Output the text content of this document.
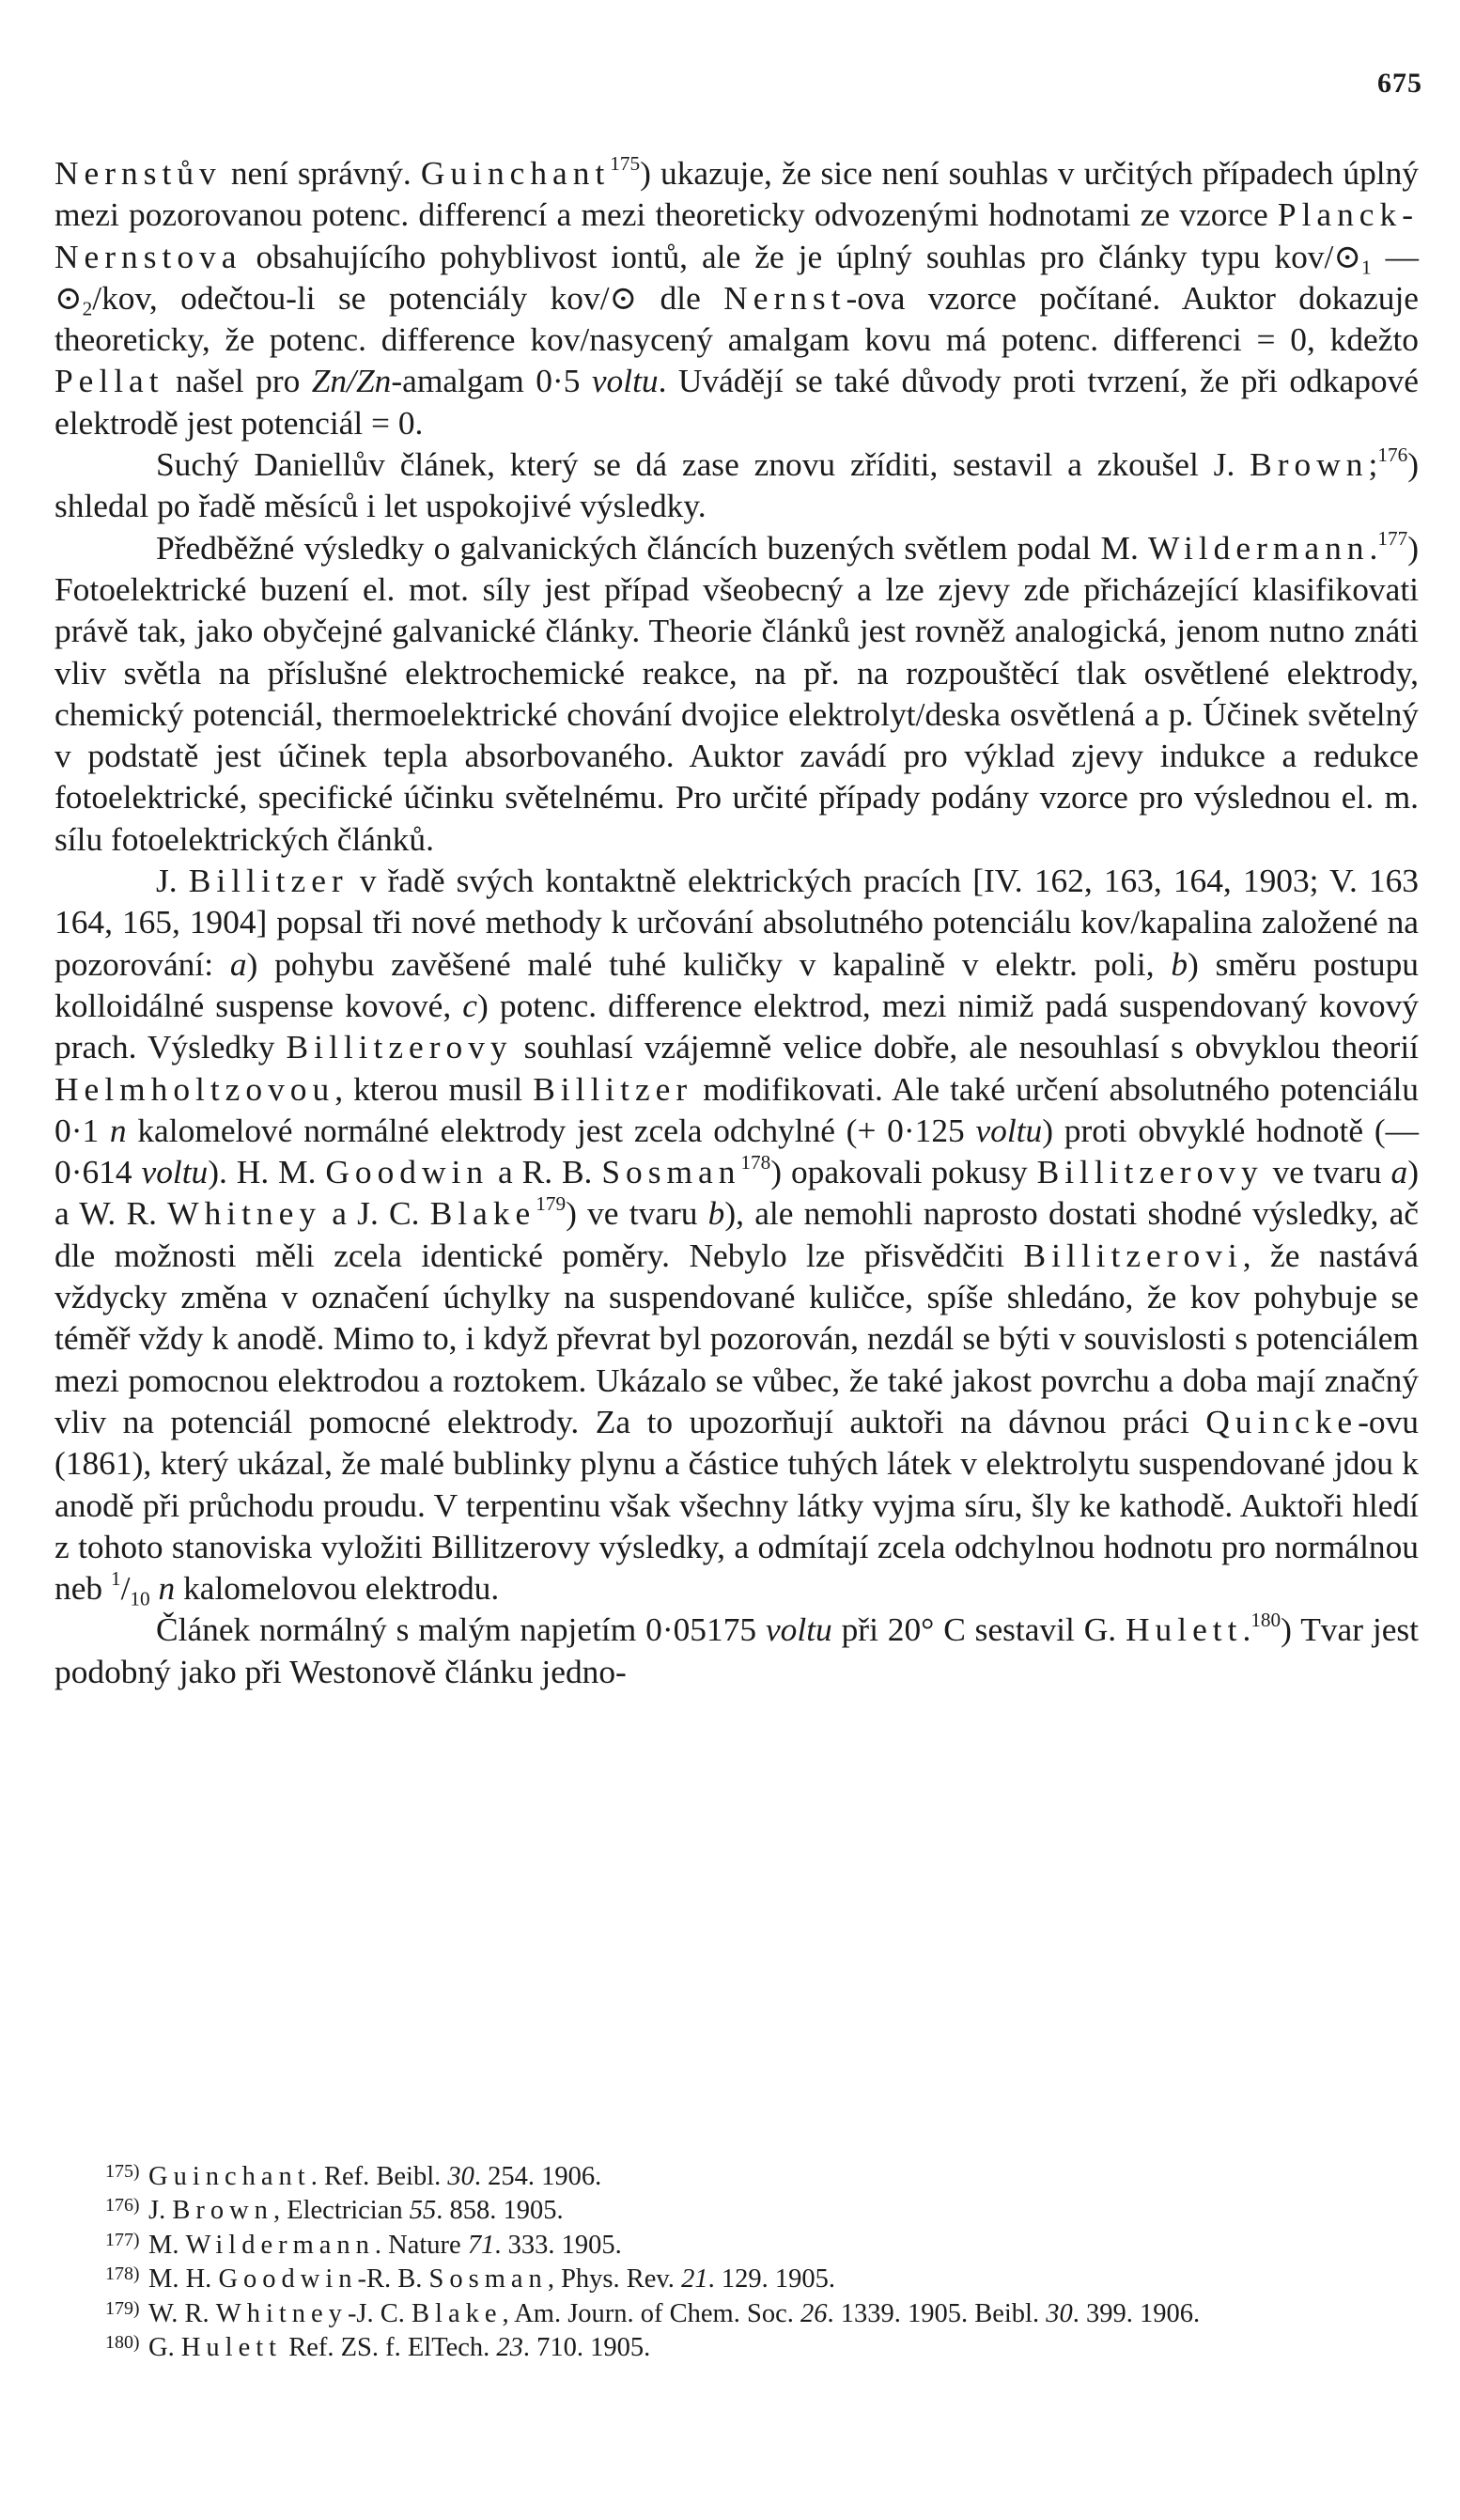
675

Nernstův není správný. Guinchant$^{175}$) ukazuje, že sice není souhlas v určitých případech úplný mezi pozorovanou potenc. differencí a mezi theoreticky odvozenými hodnotami ze vzorce Planck-Nernstova obsahujícího pohyblivost iontů, ale že je úplný souhlas pro články typu kov/$⊙_1$ — $⊙_2$/kov, odečtou-li se potenciály kov/⊙ dle Nernst-ova vzorce počítané. Auktor dokazuje theoreticky, že potenc. difference kov/nasycený amalgam kovu má potenc. differenci = 0, kdežto Pellat našel pro Zn/Zn-amalgam 0·5 voltu. Uvádějí se také důvody proti tvrzení, že při odkapové elektrodě jest potenciál = 0.

Suchý Daniellův článek, který se dá zase znovu zříditi, sestavil a zkoušel J. Brown;$^{176}$) shledal po řadě měsíců i let uspokojivé výsledky.

Předběžné výsledky o galvanických článcích buzených světlem podal M. Wildermann.$^{177}$) Fotoelektrické buzení el. mot. síly jest případ všeobecný a lze zjevy zde přicházející klasifikovati právě tak, jako obyčejné galvanické články. Theorie článků jest rovněž analogická, jenom nutno znáti vliv světla na příslušné elektrochemické reakce, na př. na rozpouštěcí tlak osvětlené elektrody, chemický potenciál, thermoelektrické chování dvojice elektrolyt/deska osvětlená a p. Účinek světelný v podstatě jest účinek tepla absorbovaného. Auktor zavádí pro výklad zjevy indukce a redukce fotoelektrické, specifické účinku světelnému. Pro určité případy podány vzorce pro výslednou el. m. sílu fotoelektrických článků.

J. Billitzer v řadě svých kontaktně elektrických pracích [IV. 162, 163, 164, 1903; V. 163 164, 165, 1904] popsal tři nové methody k určování absolutného potenciálu kov/kapalina založené na pozorování: a) pohybu zavěšené malé tuhé kuličky v kapalině v elektr. poli, b) směru postupu kolloidálné suspense kovové, c) potenc. difference elektrod, mezi nimiž padá suspendovaný kovový prach. Výsledky Billitzerovy souhlasí vzájemně velice dobře, ale nesouhlasí s obvyklou theorií Helmholtzovou, kterou musil Billitzer modifikovati. Ale také určení absolutného potenciálu 0·1 n kalomelové normálné elektrody jest zcela odchylné (+ 0·125 voltu) proti obvyklé hodnotě (— 0·614 voltu). H. M. Goodwin a R. B. Sosman$^{178}$) opakovali pokusy Billitzerovy ve tvaru a) a W. R. Whitney a J. C. Blake$^{179}$) ve tvaru b), ale nemohli naprosto dostati shodné výsledky, ač dle možnosti měli zcela identické poměry. Nebylo lze přisvědčiti Billitzerovi, že nastává vždycky změna v označení úchylky na suspendované kuličce, spíše shledáno, že kov pohybuje se téměř vždy k anodě. Mimo to, i když převrat byl pozorován, nezdál se býti v souvislosti s potenciálem mezi pomocnou elektrodou a roztokem. Ukázalo se vůbec, že také jakost povrchu a doba mají značný vliv na potenciál pomocné elektrody. Za to upozorňují auktoři na dávnou práci Quincke-ovu (1861), který ukázal, že malé bublinky plynu a částice tuhých látek v elektrolytu suspendované jdou k anodě při průchodu proudu. V terpentinu však všechny látky vyjma síru, šly ke kathodě. Auktoři hledí z tohoto stanoviska vyložiti Billitzerovy výsledky, a odmítají zcela odchylnou hodnotu pro normálnou neb $^1/_{10}$ n kalomelovou elektrodu.

Článek normálný s malým napjetím 0·05175 voltu při 20° C sestavil G. Hulett.$^{180}$) Tvar jest podobný jako při Westonově článku jedno-

175) Guinchant. Ref. Beibl. 30. 254. 1906.

176) J. Brown, Electrician 55. 858. 1905.

177) M. Wildermann. Nature 71. 333. 1905.

178) M. H. Goodwin-R. B. Sosman, Phys. Rev. 21. 129. 1905.

179) W. R. Whitney-J. C. Blake, Am. Journ. of Chem. Soc. 26. 1339. 1905. Beibl. 30. 399. 1906.

180) G. Hulett Ref. ZS. f. ElTech. 23. 710. 1905.
